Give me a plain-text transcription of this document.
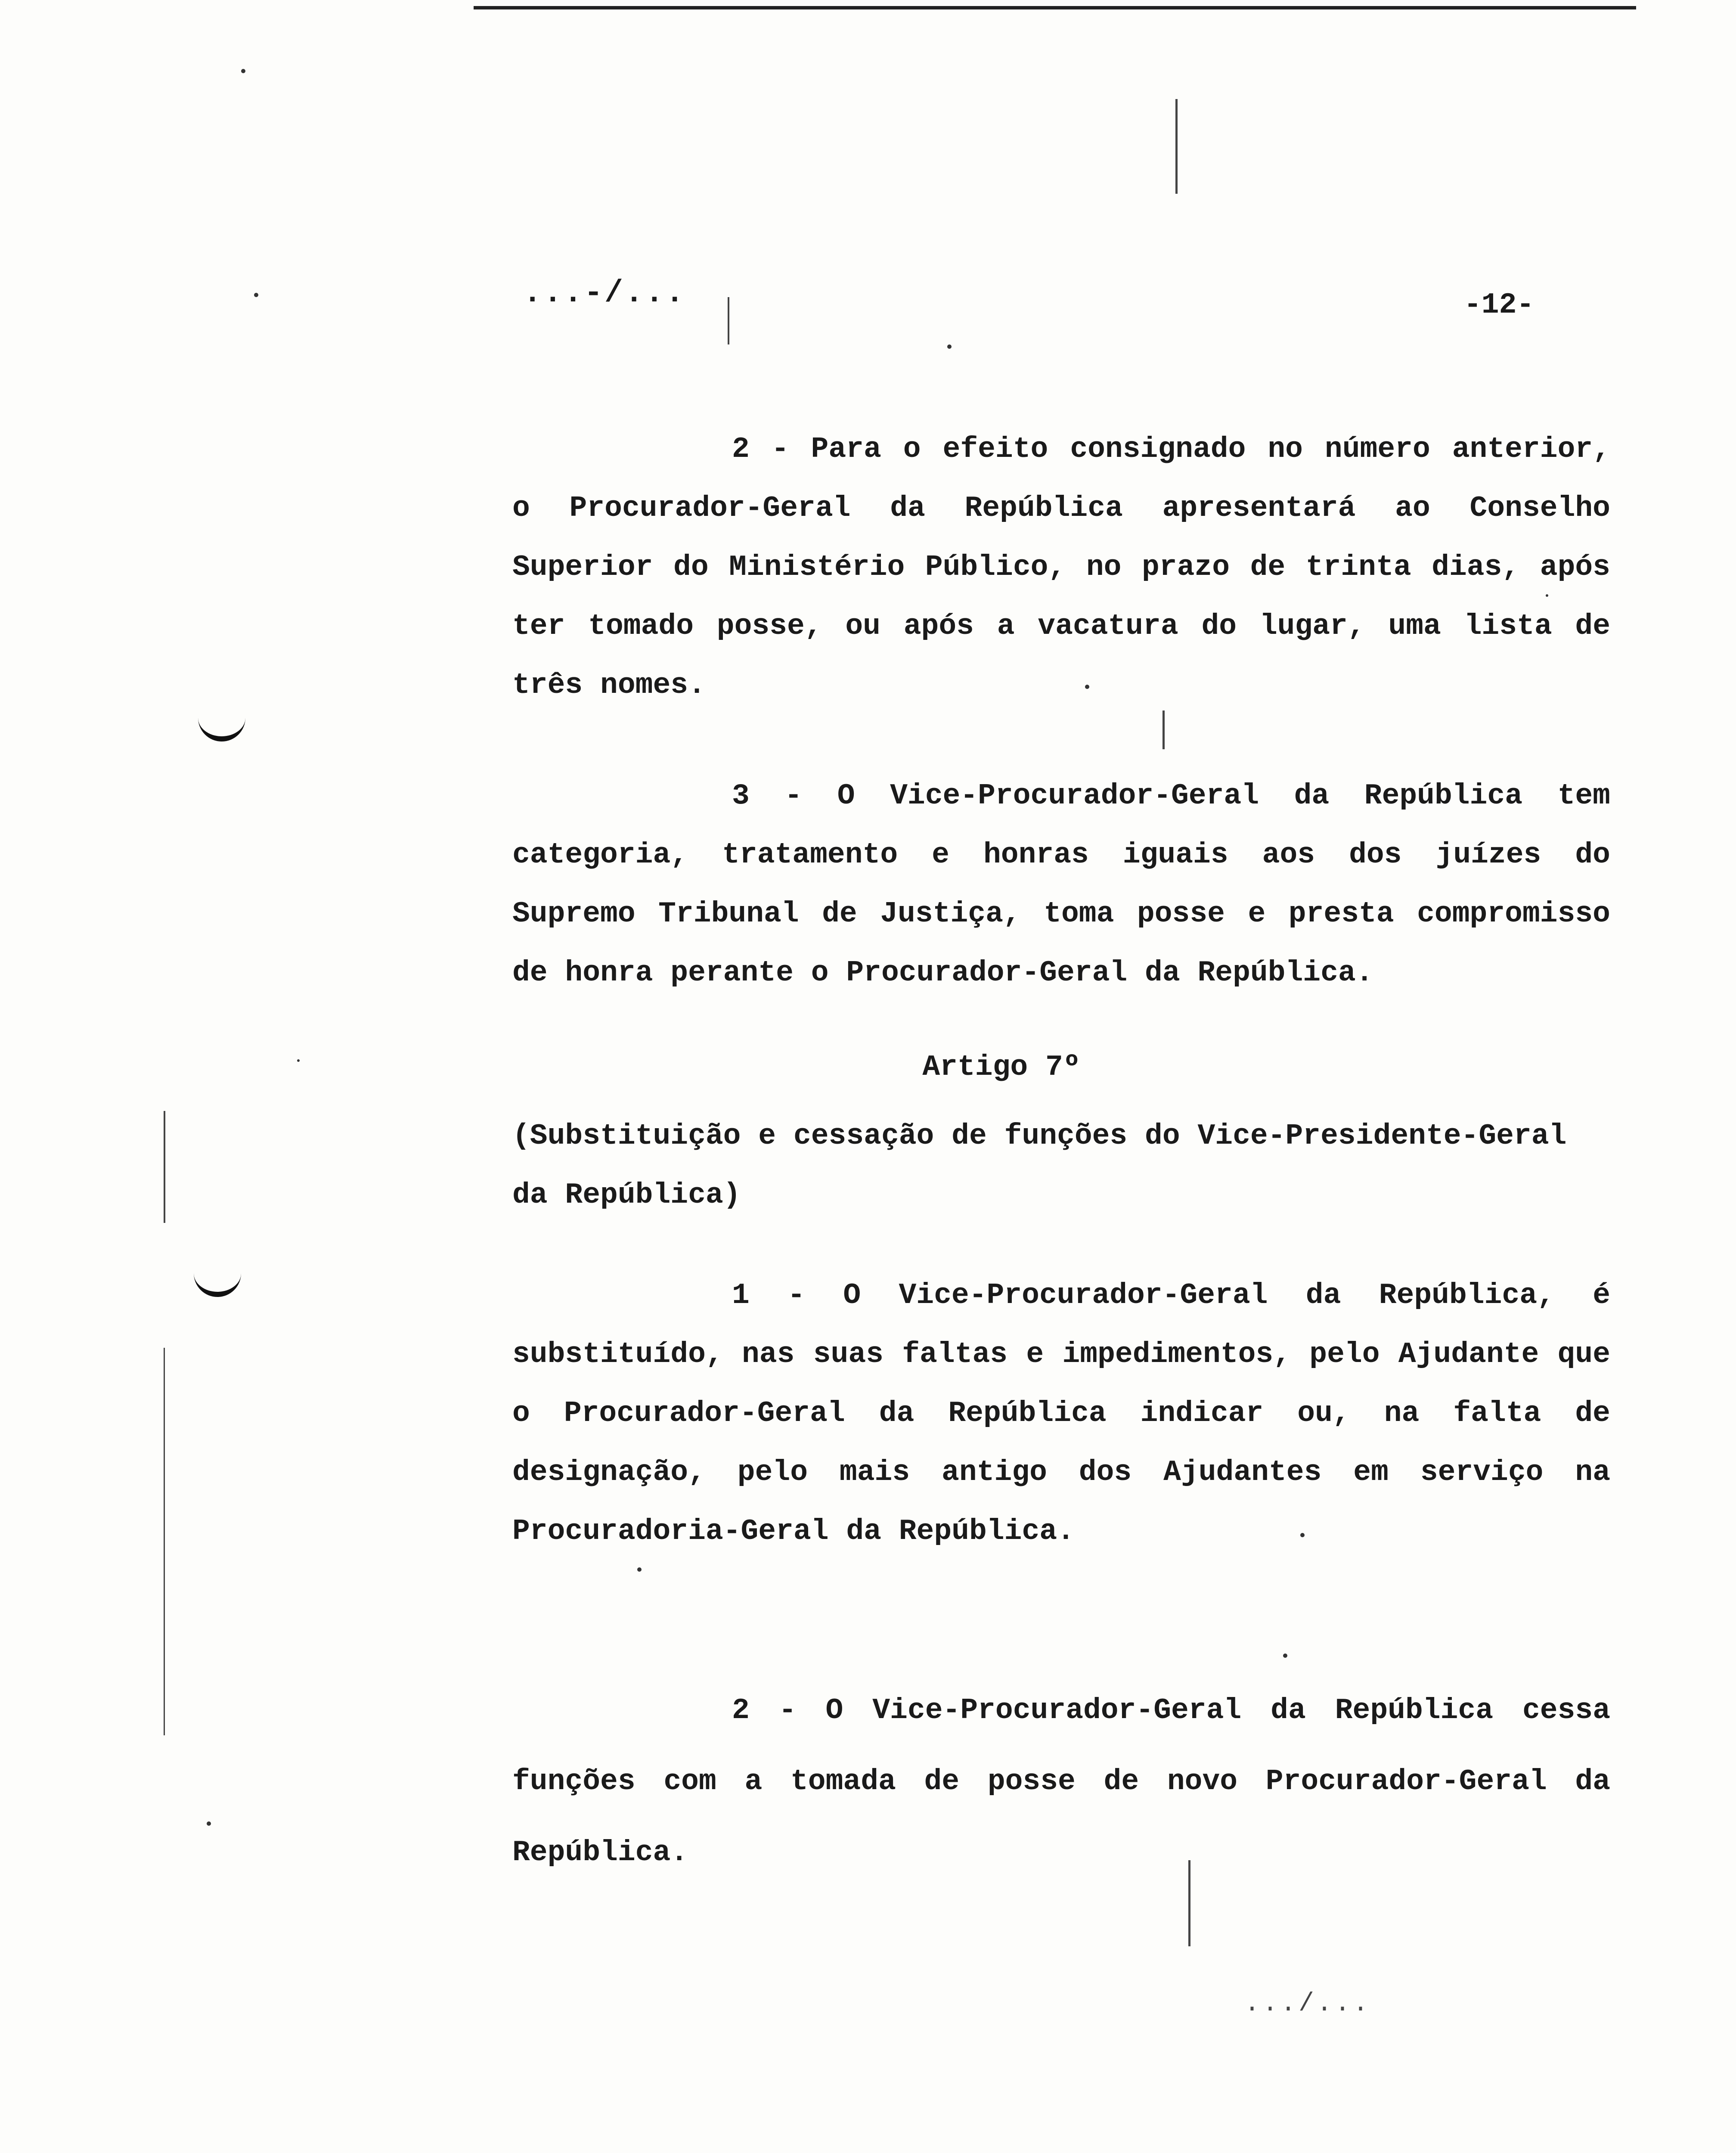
...-/...	-12-
2 - Para o efeito consignado no número anterior, o Procurador-Geral da República apresentará ao Conselho Superior do Ministério Público, no prazo de trinta dias, após ter tomado posse, ou após a vacatura do lugar, uma lista de três nomes.
3 - O Vice-Procurador-Geral da República tem categoria, tratamento e honras iguais aos dos juízes do Supremo Tribunal de Justiça, toma posse e presta compromisso de honra perante o Procurador-Geral da República.
Artigo 7º
(Substituição e cessação de funções do Vice-Presidente-Geral da República)
1 - O Vice-Procurador-Geral da República, é substituído, nas suas faltas e impedimentos, pelo Ajudante que o Procurador-Geral da República indicar ou, na falta de designação, pelo mais antigo dos Ajudantes em serviço na Procuradoria-Geral da República.
2 - O Vice-Procurador-Geral da República cessa funções com a tomada de posse de novo Procurador-Geral da República.
.../...
